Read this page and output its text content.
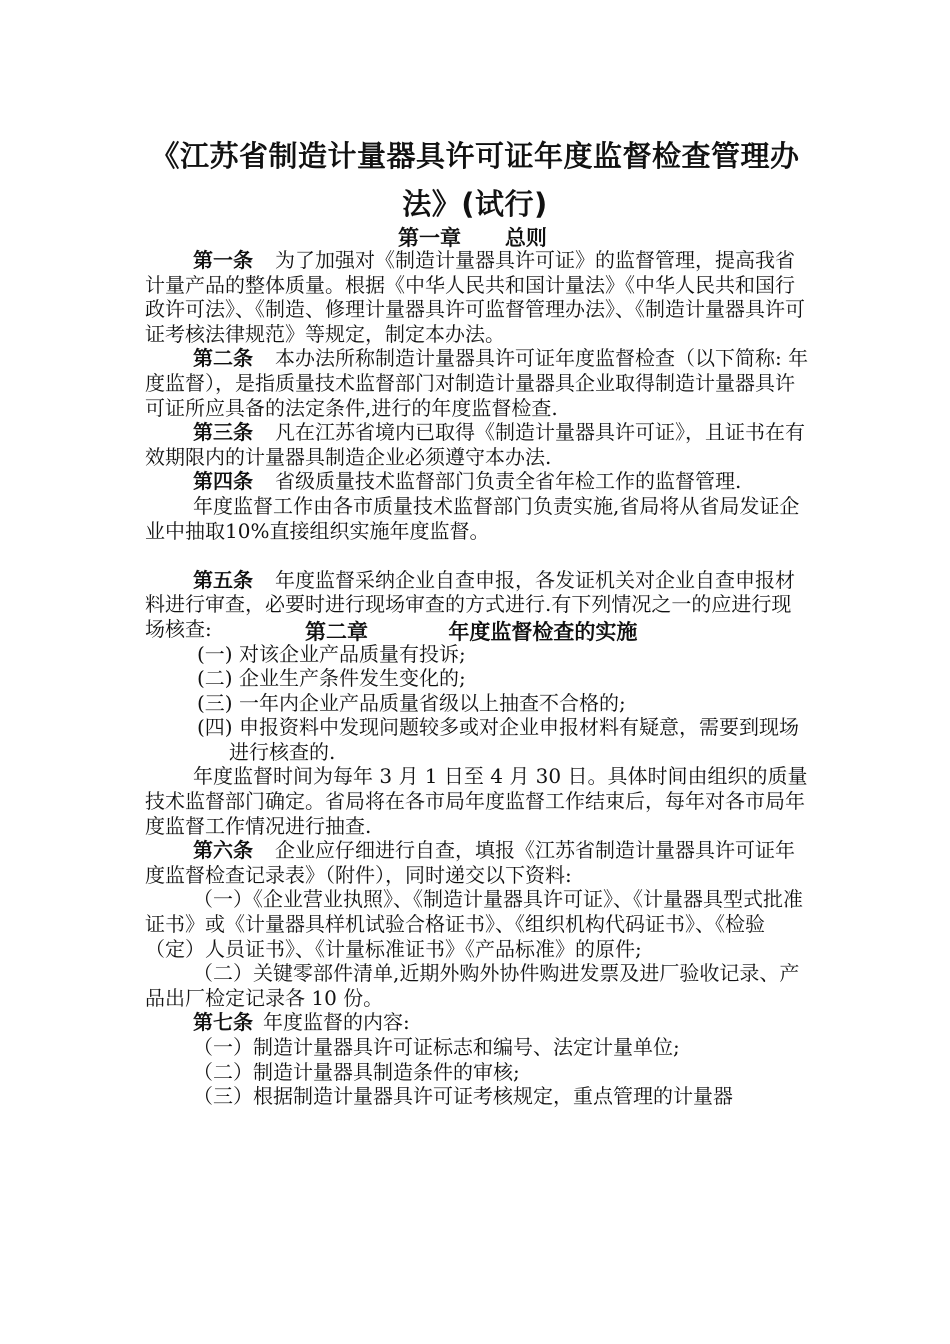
《江苏省制造计量器具许可证年度监督检查管理办
法》(试行)
第一章      总则

第一条 为了加强对《制造计量器具许可证》的监督管理，提高我省计量产品的整体质量。根据《中华人民共和国计量法》《中华人民共和国行政许可法》、《制造、修理计量器具许可监督管理办法》、《制造计量器具许可证考核法律规范》等规定，制定本办法。

第二条 本办法所称制造计量器具许可证年度监督检查（以下简称: 年度监督），是指质量技术监督部门对制造计量器具企业取得制造计量器具许可证所应具备的法定条件,进行的年度监督检查.

第三条 凡在江苏省境内已取得《制造计量器具许可证》，且证书在有效期限内的计量器具制造企业必须遵守本办法.

第四条 省级质量技术监督部门负责全省年检工作的监督管理.

年度监督工作由各市质量技术监督部门负责实施,省局将从省局发证企业中抽取10%直接组织实施年度监督。

第五条 年度监督采纳企业自查申报，各发证机关对企业自查申报材料进行审查，必要时进行现场审查的方式进行.有下列情况之一的应进行现场核查:

(一) 对该企业产品质量有投诉;

(二) 企业生产条件发生变化的;

(三) 一年内企业产品质量省级以上抽查不合格的;

(四) 申报资料中发现问题较多或对企业申报材料有疑意，需要到现场进行核查的.

年度监督时间为每年 3 月 1 日至 4 月 30 日。具体时间由组织的质量技术监督部门确定。省局将在各市局年度监督工作结束后，每年对各市局年度监督工作情况进行抽查.

第六条 企业应仔细进行自查，填报《江苏省制造计量器具许可证年度监督检查记录表》（附件），同时递交以下资料:

（一）《企业营业执照》、《制造计量器具许可证》、《计量器具型式批准证书》或《计量器具样机试验合格证书》、《组织机构代码证书》、《检验（定）人员证书》、《计量标准证书》《产品标准》的原件;

（二）关键零部件清单,近期外购外协件购进发票及进厂验收记录、产品出厂检定记录各 10 份。

第七条 年度监督的内容:

（一）制造计量器具许可证标志和编号、法定计量单位;

（二）制造计量器具制造条件的审核;

（三）根据制造计量器具许可证考核规定，重点管理的计量器

第二章           年度监督检查的实施
